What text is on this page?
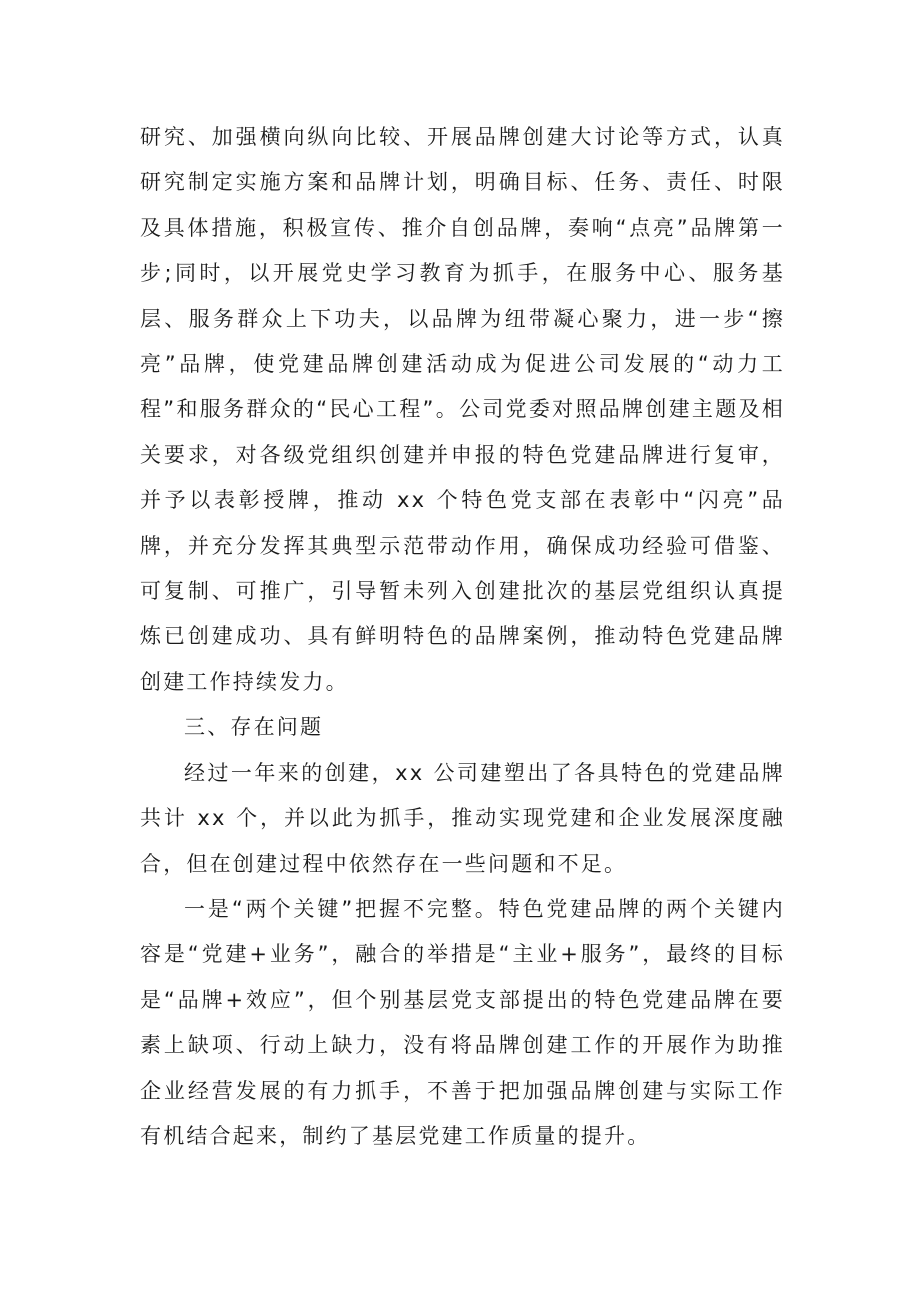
研究、加强横向纵向比较、开展品牌创建大讨论等方式，认真研究制定实施方案和品牌计划，明确目标、任务、责任、时限及具体措施，积极宣传、推介自创品牌，奏响“点亮”品牌第一步;同时，以开展党史学习教育为抓手，在服务中心、服务基层、服务群众上下功夫，以品牌为纽带凝心聚力，进一步“擦亮”品牌，使党建品牌创建活动成为促进公司发展的“动力工程”和服务群众的“民心工程”。公司党委对照品牌创建主题及相关要求，对各级党组织创建并申报的特色党建品牌进行复审，并予以表彰授牌，推动 xx 个特色党支部在表彰中“闪亮”品牌，并充分发挥其典型示范带动作用，确保成功经验可借鉴、可复制、可推广，引导暂未列入创建批次的基层党组织认真提炼已创建成功、具有鲜明特色的品牌案例，推动特色党建品牌创建工作持续发力。

三、存在问题

经过一年来的创建，xx 公司建塑出了各具特色的党建品牌共计 xx 个，并以此为抓手，推动实现党建和企业发展深度融合，但在创建过程中依然存在一些问题和不足。

一是“两个关键”把握不完整。特色党建品牌的两个关键内容是“党建+业务”，融合的举措是“主业+服务”，最终的目标是“品牌+效应”，但个别基层党支部提出的特色党建品牌在要素上缺项、行动上缺力，没有将品牌创建工作的开展作为助推企业经营发展的有力抓手，不善于把加强品牌创建与实际工作有机结合起来，制约了基层党建工作质量的提升。
